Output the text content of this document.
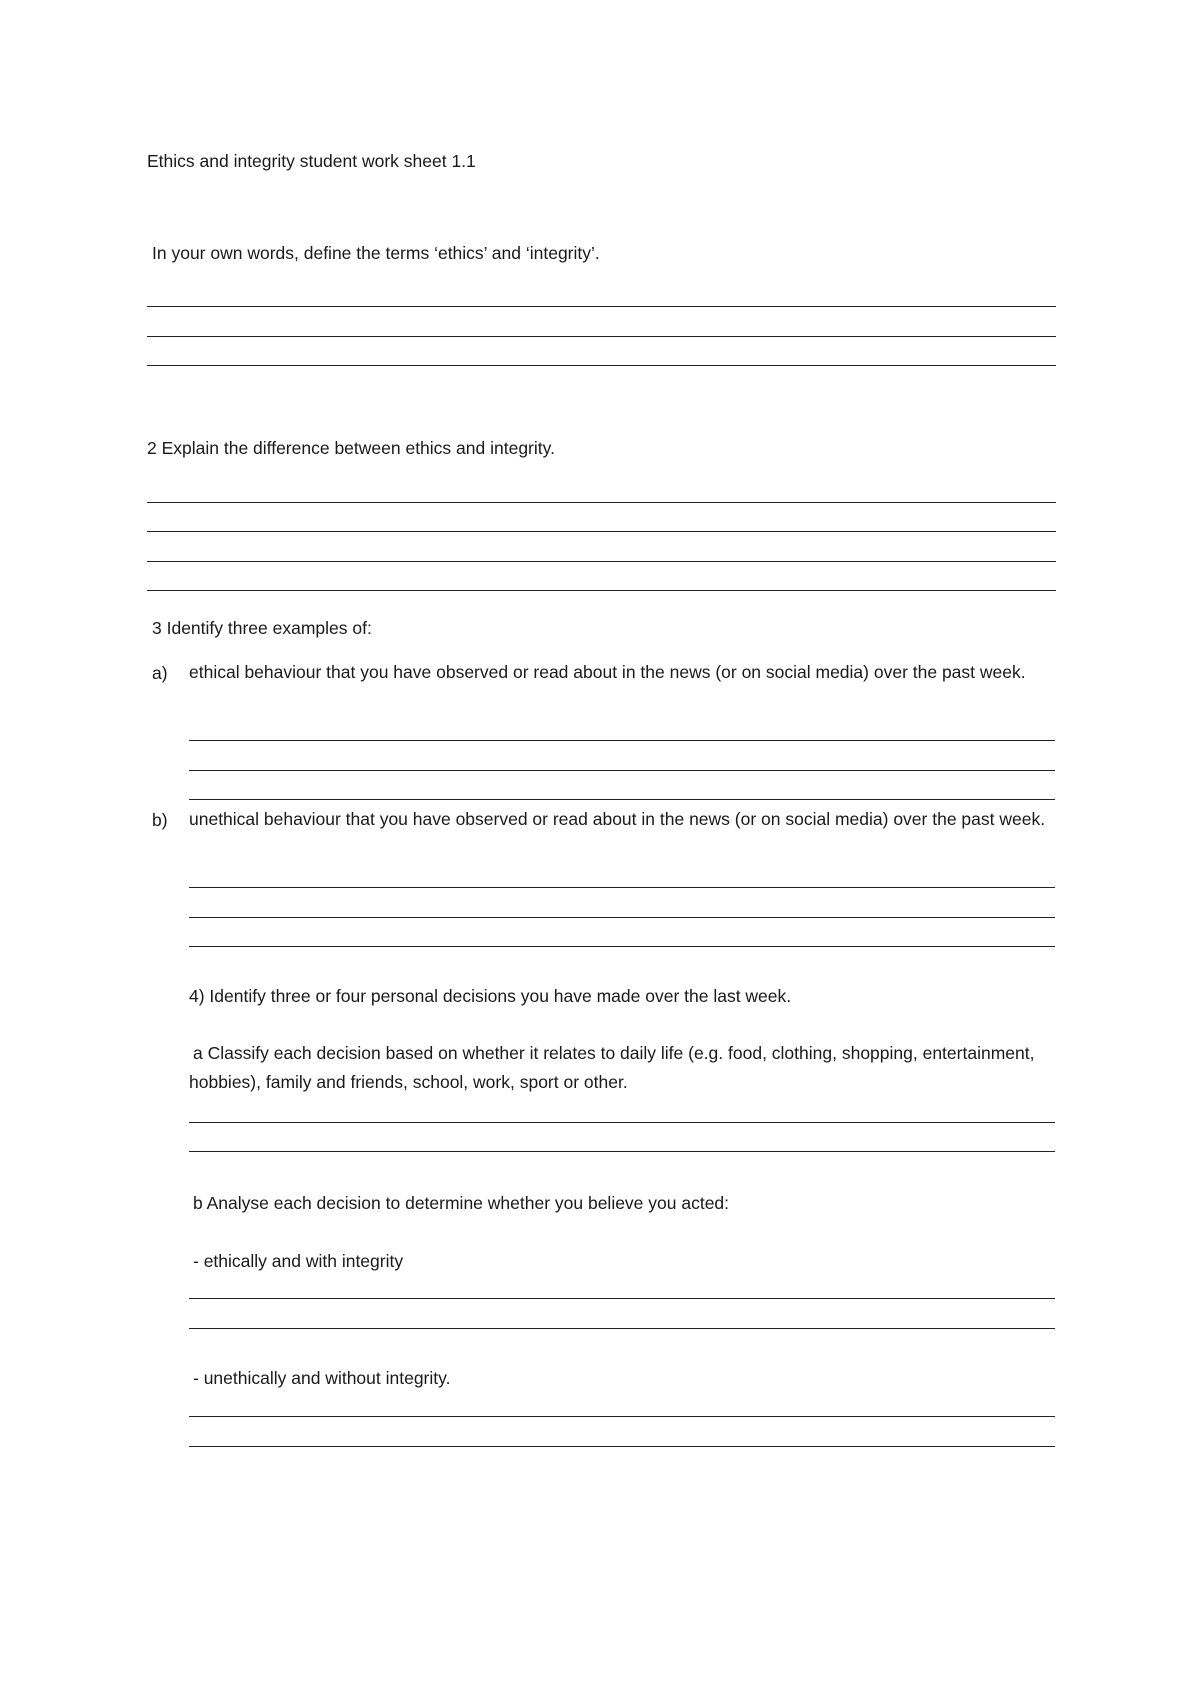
Ethics and integrity student work sheet 1.1
In your own words, define the terms ‘ethics’ and ‘integrity’.
2 Explain the difference between ethics and integrity.
3 Identify three examples of:
a) ethical behaviour that you have observed or read about in the news (or on social media) over the past week.
b) unethical behaviour that you have observed or read about in the news (or on social media) over the past week.
4) Identify three or four personal decisions you have made over the last week.
a Classify each decision based on whether it relates to daily life (e.g. food, clothing, shopping, entertainment, hobbies), family and friends, school, work, sport or other.
b Analyse each decision to determine whether you believe you acted:
- ethically and with integrity
- unethically and without integrity.
